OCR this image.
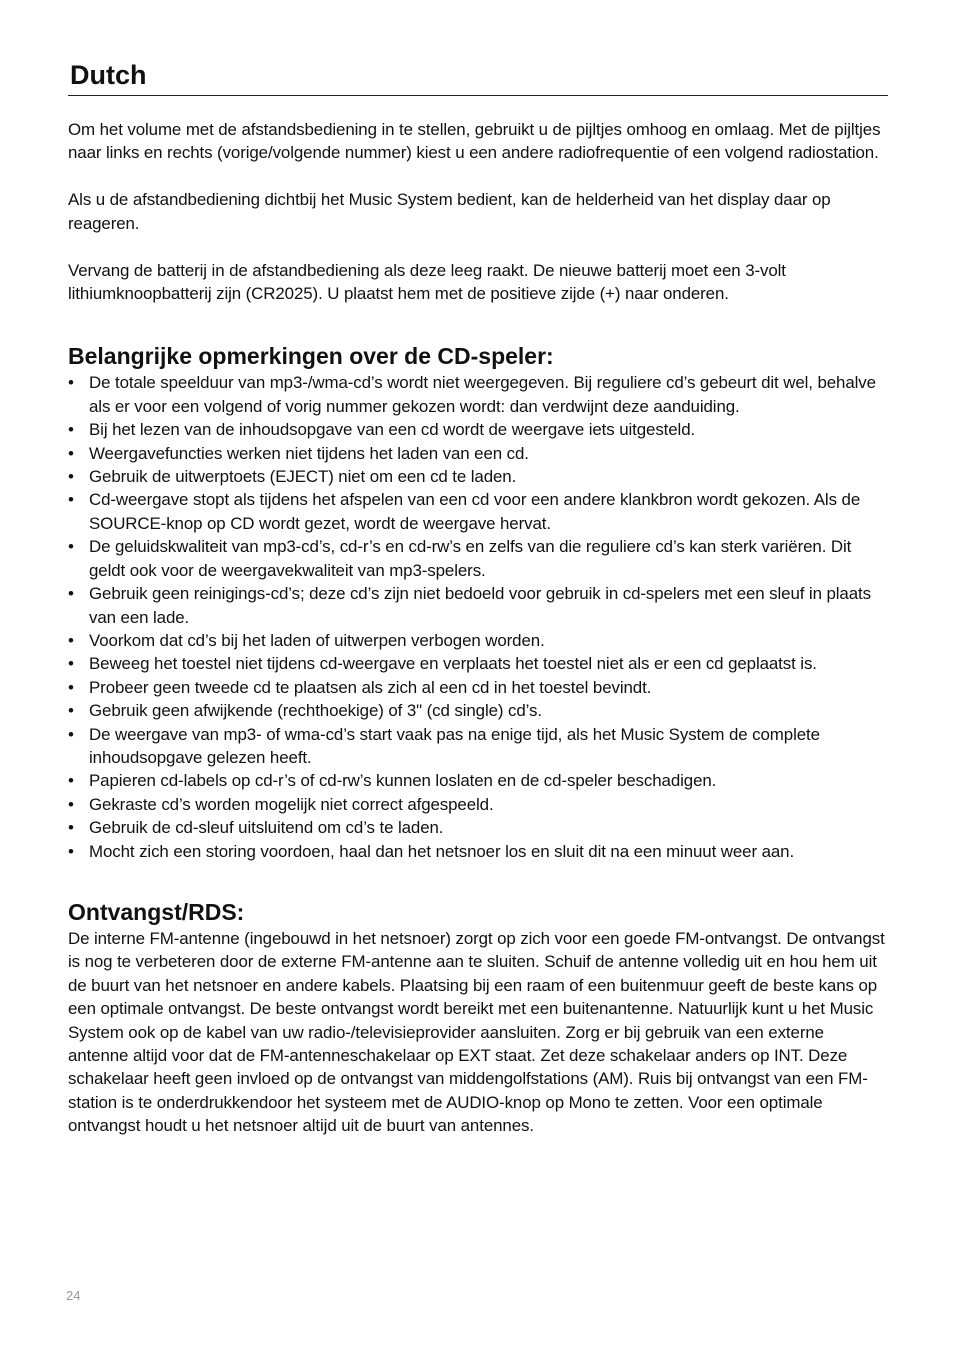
Dutch

Om het volume met de afstandsbediening in te stellen, gebruikt u de pijltjes omhoog en omlaag. Met de pijltjes naar links en rechts (vorige/volgende nummer) kiest u een andere radiofrequentie of een volgend radiostation.

Als u de afstandbediening dichtbij het Music System bedient, kan de helderheid van het display daar op reageren.

Vervang de batterij in de afstandbediening als deze leeg raakt. De nieuwe batterij moet een 3-volt lithiumknoopbatterij zijn (CR2025). U plaatst hem met de positieve zijde (+) naar onderen.

Belangrijke opmerkingen over de CD-speler:
• De totale speelduur van mp3-/wma-cd’s wordt niet weergegeven. Bij reguliere cd’s gebeurt dit wel, behalve als er voor een volgend of vorig nummer gekozen wordt: dan verdwijnt deze aanduiding.
• Bij het lezen van de inhoudsopgave van een cd wordt de weergave iets uitgesteld.
• Weergavefuncties werken niet tijdens het laden van een cd.
• Gebruik de uitwerptoets (EJECT) niet om een cd te laden.
• Cd-weergave stopt als tijdens het afspelen van een cd voor een andere klankbron wordt gekozen. Als de SOURCE-knop op CD wordt gezet, wordt de weergave hervat.
• De geluidskwaliteit van mp3-cd’s, cd-r’s en cd-rw’s en zelfs van die reguliere cd’s kan sterk variëren. Dit geldt ook voor de weergavekwaliteit van mp3-spelers.
• Gebruik geen reinigings-cd’s; deze cd’s zijn niet bedoeld voor gebruik in cd-spelers met een sleuf in plaats van een lade.
• Voorkom dat cd’s bij het laden of uitwerpen verbogen worden.
• Beweeg het toestel niet tijdens cd-weergave en verplaats het toestel niet als er een cd geplaatst is.
• Probeer geen tweede cd te plaatsen als zich al een cd in het toestel bevindt.
• Gebruik geen afwijkende (rechthoekige) of 3" (cd single) cd’s.
• De weergave van mp3- of wma-cd’s start vaak pas na enige tijd, als het Music System de complete inhoudsopgave gelezen heeft.
• Papieren cd-labels op cd-r’s of cd-rw’s kunnen loslaten en de cd-speler beschadigen.
• Gekraste cd’s worden mogelijk niet correct afgespeeld.
• Gebruik de cd-sleuf uitsluitend om cd’s te laden.
• Mocht zich een storing voordoen, haal dan het netsnoer los en sluit dit na een minuut weer aan.
Ontvangst/RDS:

De interne FM-antenne (ingebouwd in het netsnoer) zorgt op zich voor een goede FM-ontvangst. De ontvangst is nog te verbeteren door de externe FM-antenne aan te sluiten. Schuif de antenne volledig uit en hou hem uit de buurt van het netsnoer en andere kabels. Plaatsing bij een raam of een buitenmuur geeft de beste kans op een optimale ontvangst. De beste ontvangst wordt bereikt met een buitenantenne. Natuurlijk kunt u het Music System ook op de kabel van uw radio-/televisieprovider aansluiten. Zorg er bij gebruik van een externe antenne altijd voor dat de FM-antenneschakelaar op EXT staat. Zet deze schakelaar anders op INT. Deze schakelaar heeft geen invloed op de ontvangst van middengolfstations (AM). Ruis bij ontvangst van een FM-station is te onderdrukkendoor het systeem met de AUDIO-knop op Mono te zetten. Voor een optimale ontvangst houdt u het netsnoer altijd uit de buurt van antennes.

24
